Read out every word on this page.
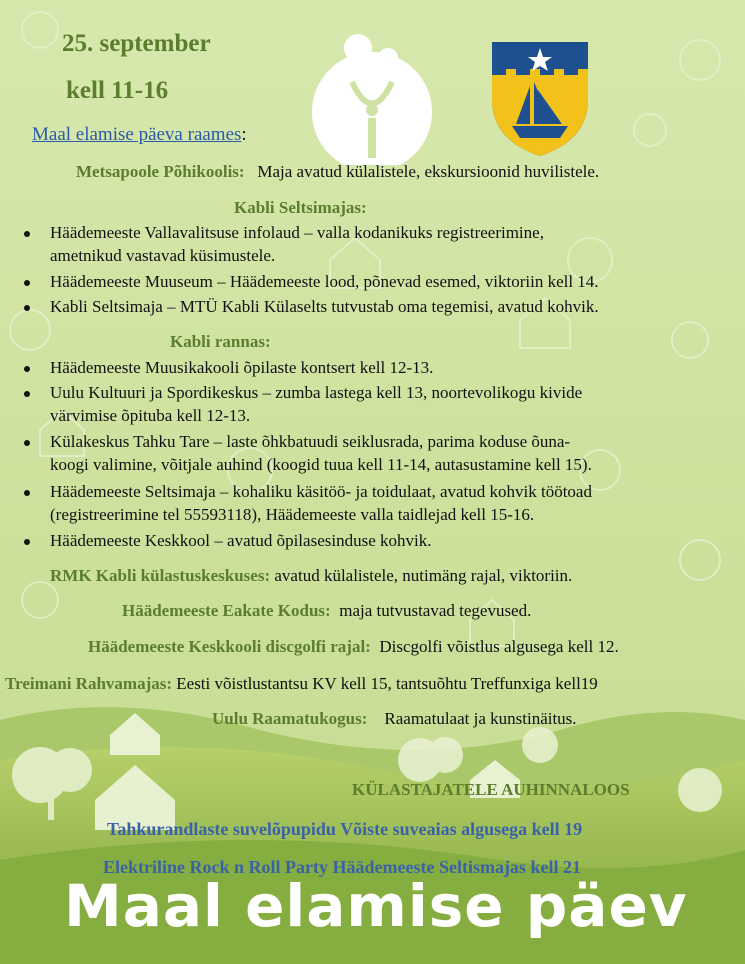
25. september
kell 11-16
Maal elamise päeva raames:
Metsapoole Põhikoolis: Maja avatud külalistele, ekskursioonid huvilistele.
Kabli Seltsimajas:
Häädemeeste Vallavalitsuse infolaud – valla kodanikuks registreerimine,
ametnikud vastavad küsimustele.
Häädemeeste Muuseum – Häädemeeste lood, põnevad esemed, viktoriin kell 14.
Kabli Seltsimaja – MTÜ Kabli Külaselts tutvustab oma tegemisi, avatud kohvik.
Kabli rannas:
Häädemeeste Muusikakooli õpilaste kontsert kell 12-13.
Uulu Kultuuri ja Spordikeskus – zumba lastega kell 13, noortevolikogu kivide
värvimise õpituba kell 12-13.
Külakeskus Tahku Tare – laste õhkbatuudi seiklusrada, parima koduse õuna-
koogi valimine, võitjale auhind (koogid tuua kell 11-14, autasustamine kell 15).
Häädemeeste Seltsimaja – kohaliku käsitöö- ja toidulaat, avatud kohvik töötoad
(registreerimine tel 55593118), Häädemeeste valla taidlejad kell 15-16.
Häädemeeste Keskkool – avatud õpilasesinduse kohvik.
RMK Kabli külastuskeskuses: avatud külalistele, nutimäng rajal, viktoriin.
Häädemeeste Eakate Kodus: maja tutvustavad tegevused.
Häädemeeste Keskkooli discgolfi rajal: Discgolfi võistlus algusega kell 12.
Treimani Rahvamajas: Eesti võistlustantsu KV kell 15, tantsuõhtu Treffunxiga kell19
Uulu Raamatukogus: Raamatulaat ja kunstinäitus.
KÜLASTAJATELE AUHINNALOOS
Tahkurandlaste suvelõpupidu Võiste suveaias algusega kell 19
Elektriline Rock n Roll Party Häädemeeste Seltismajas kell 21
Maal elamise päev
